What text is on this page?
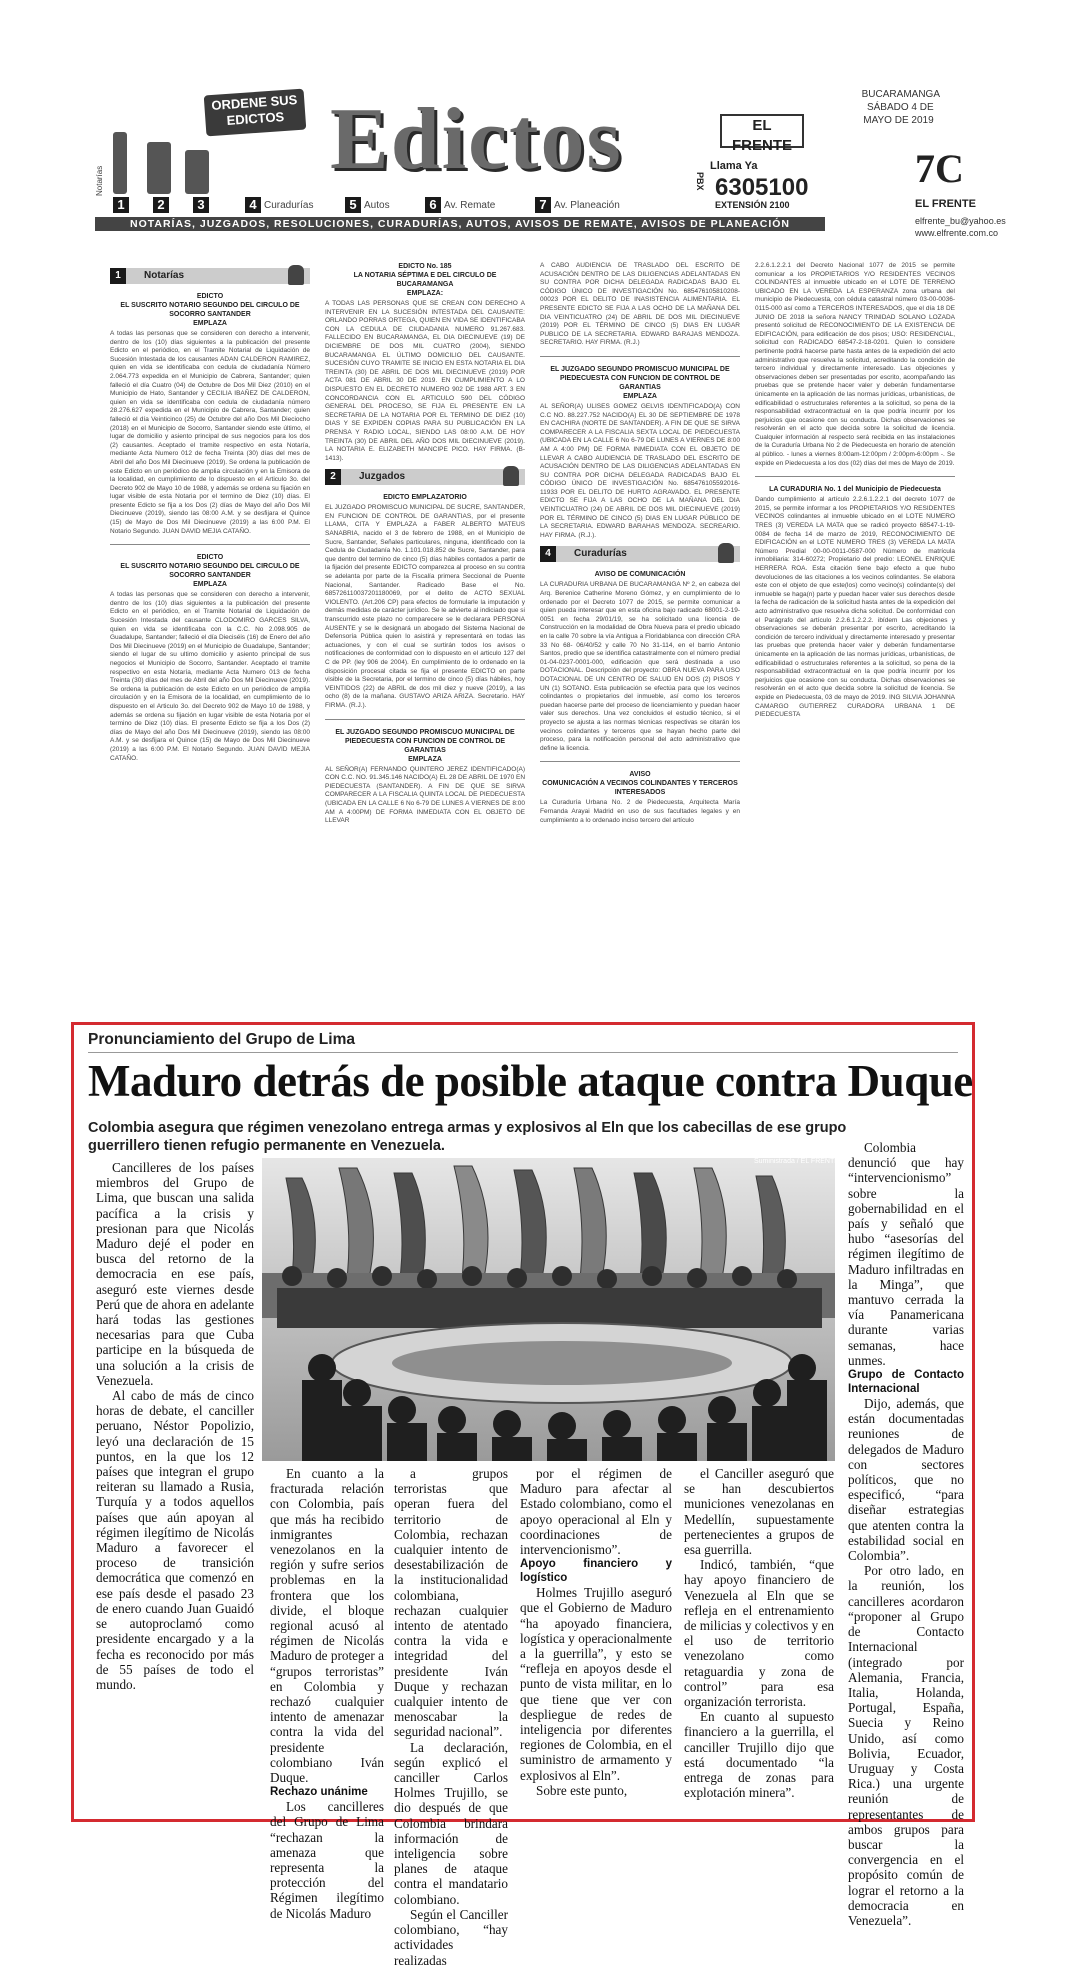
ORDENE SUS EDICTOS Edictos	EL FRENTE
PBX
Llama Ya
6305100
EXTENSIÓN 2100
1	2	3	4 Curadurías	5 Autos	6 Av. Remate	7 Av. Planeación
Notarías
NOTARÍAS, JUZGADOS, RESOLUCIONES, CURADURÍAS, AUTOS, AVISOS DE REMATE, AVISOS DE PLANEACIÓN
BUCARAMANGA
SÁBADO 4 DE MAYO DE 2019
7C
EL FRENTE
elfrente_bu@yahoo.es
www.elfrente.com.co
1	Notarías
EDICTO
EL SUSCRITO NOTARIO SEGUNDO DEL CIRCULO DE SOCORRO SANTANDER
EMPLAZA
A todas las personas que se consideren con derecho a intervenir, dentro de los (10) días siguientes a la publicación del presente Edicto en el periódico, en el Tramite Notarial de Liquidación de Sucesión Intestada de los causantes ADAN CALDERON RAMIREZ, quien en vida se identificaba con cedula de ciudadanía Número 2.064.773 expedida en el Municipio de Cabrera, Santander; quien falleció el día Cuatro (04) de Octubre de Dos Mil Diez (2010) en el Municipio de Hato, Santander y CECILIA IBAÑEZ DE CALDERON, quien en vida se identificaba con cedula de ciudadanía número 28.276.627 expedida en el Municipio de Cabrera, Santander; quien falleció el día Veinticinco (25) de Octubre del año Dos Mil Dieciocho (2018) en el Municipio de Socorro, Santander siendo este último, el lugar de domicilio y asiento principal de sus negocios para los dos (2) causantes. Aceptado el tramite respectivo en esta Notaría, mediante Acta Numero 012 de fecha Treinta (30) días del mes de Abril del año Dos Mil Diecinueve (2019). Se ordena la publicación de este Edicto en un periódico de amplia circulación y en la Emisora de la localidad, en cumplimiento de lo dispuesto en el Articulo 3o. del Decreto 902 de Mayo 10 de 1988, y además se ordena su fijación en lugar visible de esta Notaria por el termino de Diez (10) días. El presente Edicto se fija a los Dos (2) días de Mayo del año Dos Mil Diecinueve (2019), siendo las 08:00 A.M. y se desfijara el Quince (15) de Mayo de Dos Mil Diecinueve (2019) a las 6:00 P.M. El Notario Segundo. JUAN DAVID MEJIA CATAÑO.
EDICTO
EL SUSCRITO NOTARIO SEGUNDO DEL CIRCULO DE SOCORRO SANTANDER
EMPLAZA
A todas las personas que se consideren con derecho a intervenir, dentro de los (10) días siguientes a la publicación del presente Edicto en el periódico, en el Tramite Notarial de Liquidación de Sucesión Intestada del causante CLODOMIRO GARCES SILVA, quien en vida se identificaba con la C.C. No 2.098.905 de Guadalupe, Santander; falleció el día Dieciséis (16) de Enero del año Dos Mil Diecinueve (2019) en el Municipio de Guadalupe, Santander; siendo el lugar de su ultimo domicilio y asiento principal de sus negocios el Municipio de Socorro, Santander. Aceptado el tramite respectivo en esta Notaría, mediante Acta Numero 013 de fecha Treinta (30) días del mes de Abril del año Dos Mil Diecinueve (2019). Se ordena la publicación de este Edicto en un periódico de amplia circulación y en la Emisora de la localidad, en cumplimiento de lo dispuesto en el Articulo 3o. del Decreto 902 de Mayo 10 de 1988, y además se ordena su fijación en lugar visible de esta Notaria por el termino de Diez (10) días. El presente Edicto se fija a los Dos (2) días de Mayo del año Dos Mil Diecinueve (2019), siendo las 08:00 A.M. y se desfijara el Quince (15) de Mayo de Dos Mil Diecinueve (2019) a las 6:00 P.M. El Notario Segundo. JUAN DAVID MEJIA CATAÑO.
EDICTO No. 185
LA NOTARIA SÉPTIMA E DEL CIRCULO DE BUCARAMANGA
EMPLAZA:
A TODAS LAS PERSONAS QUE SE CREAN CON DERECHO A INTERVENIR EN LA SUCESIÓN INTESTADA DEL CAUSANTE: ORLANDO PORRAS ORTEGA, QUIEN EN VIDA SE IDENTIFICABA CON LA CEDULA DE CIUDADANIA NUMERO 91.267.683. FALLECIDO EN BUCARAMANGA, EL DIA DIECINUEVE (19) DE DICIEMBRE DE DOS MIL CUATRO (2004), SIENDO BUCARAMANGA EL ÚLTIMO DOMICILIO DEL CAUSANTE. SUCESIÓN CUYO TRAMITE SE INICIO EN ESTA NOTARIA EL DIA TREINTA (30) DE ABRIL DE DOS MIL DIECINUEVE (2019) POR ACTA 081 DE ABRIL 30 DE 2019. EN CUMPLIMIENTO A LO DISPUESTO EN EL DECRETO NUMERO 902 DE 1988 ART. 3 EN CONCORDANCIA CON EL ARTICULO 590 DEL CÓDIGO GENERAL DEL PROCESO, SE FIJA EL PRESENTE EN LA SECRETARIA DE LA NOTARIA POR EL TERMINO DE DIEZ (10) DIAS Y SE EXPIDEN COPIAS PARA SU PUBLICACIÓN EN LA PRENSA Y RADIO LOCAL, SIENDO LAS 08:00 A.M. DE HOY TREINTA (30) DE ABRIL DEL AÑO DOS MIL DIECINUEVE (2019). LA NOTARIA E. ELIZABETH MANCIPE PICO. HAY FIRMA. (B-1413).
2	Juzgados
EDICTO EMPLAZATORIO
EL JUZGADO PROMISCUO MUNICIPAL DE SUCRE, SANTANDER, EN FUNCION DE CONTROL DE GARANTIAS, por el presente LLAMA, CITA Y EMPLAZA a FABER ALBERTO MATEUS SANABRIA, nacido el 3 de febrero de 1988, en el Municipio de Sucre, Santander, Señales particulares, ninguna, identificado con la Cedula de Ciudadanía No. 1.101.018.852 de Sucre, Santander, para que dentro del termino de cinco (5) días hábiles contados a partir de la fijación del presente EDICTO comparezca al proceso en su contra se adelanta por parte de la Fiscalía primera Seccional de Puente Nacional, Santander. Radicado Base el No. 685726110037201180069, por el delito de ACTO SEXUAL VIOLENTO. (Art.206 CP) para efectos de formularle la imputación y demás medidas de carácter jurídico. Se le advierte al indiciado que si transcurrido este plazo no comparecere se le declarara PERSONA AUSENTE y se le designará un abogado del Sistema Nacional de Defensoría Pública quien lo asistirá y representará en todas las actuaciones, y con el cual se surtirán todos los avisos o notificaciones de conformidad con lo dispuesto en el articulo 127 del C de PP. (ley 906 de 2004). En cumplimiento de lo ordenado en la disposición procesal citada se fija el presente EDICTO en parte visible de la Secretaria, por el termino de cinco (5) días hábiles, hoy VEINTIDOS (22) de ABRIL de dos mil diez y nueve (2019), a las ocho (8) de la mañana. GUSTAVO ARIZA ARIZA. Secretario. HAY FIRMA. (R.J.).
EL JUZGADO SEGUNDO PROMISCUO MUNICIPAL DE PIEDECUESTA CON FUNCION DE CONTROL DE GARANTIAS
EMPLAZA
AL SEÑOR(A) FERNANDO QUINTERO JEREZ IDENTIFICADO(A) CON C.C. NO. 91.345.146 NACIDO(A) EL 28 DE ABRIL DE 1970 EN PIEDECUESTA (SANTANDER). A FIN DE QUE SE SIRVA COMPARECER A LA FISCALIA QUINTA LOCAL DE PIEDECUESTA (UBICADA EN LA CALLE 6 No 6-79 DE LUNES A VIERNES DE 8:00 AM A 4:00PM) DE FORMA INMEDIATA CON EL OBJETO DE LLEVAR
A CABO AUDIENCIA DE TRASLADO DEL ESCRITO DE ACUSACIÓN DENTRO DE LAS DILIGENCIAS ADELANTADAS EN SU CONTRA POR DICHA DELEGADA RADICADAS BAJO EL CÓDIGO ÚNICO DE INVESTIGACIÓN No. 685476105810208-00023 POR EL DELITO DE INASISTENCIA ALIMENTARIA. EL PRESENTE EDICTO SE FIJA A LAS OCHO DE LA MAÑANA DEL DIA VEINTICUATRO (24) DE ABRIL DE DOS MIL DIECINUEVE (2019) POR EL TÉRMINO DE CINCO (5) DIAS EN LUGAR PUBLICO DE LA SECRETARIA. EDWARD BARAJAS MENDOZA. SECRETARIO. HAY FIRMA. (R.J.)
EL JUZGADO SEGUNDO PROMISCUO MUNICIPAL DE PIEDECUESTA CON FUNCION DE CONTROL DE GARANTIAS
EMPLAZA
AL SEÑOR(A) ULISES GOMEZ GELVIS IDENTIFICADO(A) CON C.C NO. 88.227.752 NACIDO(A) EL 30 DE SEPTIEMBRE DE 1978 EN CACHIRA (NORTE DE SANTANDER). A FIN DE QUE SE SIRVA COMPARECER A LA FISCALIA SEXTA LOCAL DE PIEDECUESTA (UBICADA EN LA CALLE 6 No 6-79 DE LUNES A VIERNES DE 8:00 AM A 4:00 PM) DE FORMA INMEDIATA CON EL OBJETO DE LLEVAR A CABO AUDIENCIA DE TRASLADO DEL ESCRITO DE ACUSACIÓN DENTRO DE LAS DILIGENCIAS ADELANTADAS EN SU CONTRA POR DICHA DELEGADA RADICADAS BAJO EL CÓDIGO ÚNICO DE INVESTIGACIÓN No. 685476105592016-11933 POR EL DELITO DE HURTO AGRAVADO. EL PRESENTE EDICTO SE FIJA A LAS OCHO DE LA MAÑANA DEL DIA VEINTICUATRO (24) DE ABRIL DE DOS MIL DIECINUEVE (2019) POR EL TÉRMINO DE CINCO (5) DIAS EN LUGAR PÚBLICO DE LA SECRETARIA. EDWARD BARAHAS MENDOZA. SECREARIO. HAY FIRMA. (R.J.).
4	Curadurías
AVISO DE COMUNICACIÓN
LA CURADURIA URBANA DE BUCARAMANGA Nº 2, en cabeza del Arq. Berenice Catherine Moreno Gómez, y en cumplimiento de lo ordenado por el Decreto 1077 de 2015, se permite comunicar a quien pueda interesar que en esta oficina bajo radicado 68001-2-19-0051 en fecha 29/01/19, se ha solicitado una licencia de Construcción en la modalidad de Obra Nueva para el predio ubicado en la calle 70 sobre la vía Antigua a Floridablanca con dirección CRA 33 No 68- 06/40/52 y calle 70 No 31-114, en el barrio Antonio Santos, predio que se identifica catastralmente con el número predial 01-04-0237-0001-000, edificación que será destinada a uso DOTACIONAL. Descripción del proyecto: OBRA NUEVA PARA USO DOTACIONAL DE UN CENTRO DE SALUD EN DOS (2) PISOS Y UN (1) SOTANO. Esta publicación se efectúa para que los vecinos colindantes o propietarios del inmueble, así como los terceros puedan hacerse parte del proceso de licenciamiento y puedan hacer valer sus derechos. Una vez concluidos el estudio técnico, si el proyecto se ajusta a las normas técnicas respectivas se citarán los vecinos colindantes y terceros que se hayan hecho parte del proceso, para la notificación personal del acto administrativo que define la licencia.
AVISO
COMUNICACIÓN A VECINOS COLINDANTES Y TERCEROS INTERESADOS
La Curaduría Urbana No. 2 de Piedecuesta, Arquitecta María Fernanda Arayai Madrid en uso de sus facultades legales y en cumplimiento a lo ordenado inciso tercero del artículo
2.2.6.1.2.2.1 del Decreto Nacional 1077 de 2015 se permite comunicar a los PROPIETARIOS Y/O RESIDENTES VECINOS COLINDANTES al inmueble ubicado en el LOTE DE TERRENO UBICADO EN LA VEREDA LA ESPERANZA zona urbana del municipio de Piedecuesta, con cédula catastral número 03-00-0036-0115-000 así como a TERCEROS INTERESADOS, que el día 18 DE JUNIO DE 2018 la señora NANCY TRINIDAD SOLANO LOZADA presentó solicitud de RECONOCIMIENTO DE LA EXISTENCIA DE EDIFICACIÓN, para edificación de dos pisos; USO: RESIDENCIAL, solicitud con RADICADO 68547-2-18-0201. Quien lo considere pertinente podrá hacerse parte hasta antes de la expedición del acto administrativo que resuelva la solicitud, acreditando la condición de tercero individual y directamente interesado. Las objeciones y observaciones deben ser presentadas por escrito, acompañando las pruebas que se pretende hacer valer y deberán fundamentarse únicamente en la aplicación de las normas jurídicas, urbanísticas, de edificabilidad o estructurales referentes a la solicitud, so pena de la responsabilidad extracontractual en la que podría incurrir por los perjuicios que ocasione con su conducta. Dichas observaciones se resolverán en el acto que decida sobre la solicitud de licencia. Cualquier información al respecto será recibida en las instalaciones de la Curaduría Urbana No 2 de Piedecuesta en horario de atención al público. - lunes a viernes 8:00am-12:00pm / 2:00pm-6:00pm -. Se expide en Piedecuesta a los dos (02) días del mes de Mayo de 2019.
LA CURADURIA No. 1 del Municipio de Piedecuesta
Dando cumplimiento al artículo 2.2.6.1.2.2.1 del decreto 1077 de 2015, se permite informar a los PROPIETARIOS Y/O RESIDENTES VECINOS colindantes al inmueble ubicado en el LOTE NUMERO TRES (3) VEREDA LA MATA que se radicó proyecto 68547-1-19-0084 de fecha 14 de marzo de 2019, RECONOCIMIENTO DE EDIFICACIÓN en el LOTE NUMERO TRES (3) VEREDA LA MATA Número Predial 00-00-0011-0587-000 Número de matrícula inmobiliaria: 314-60272; Propietario del predio: LEONEL ENRIQUE HERRERA ROA. Esta citación tiene bajo efecto a que hubo devoluciones de las citaciones a los vecinos colindantes. Se elabora este con el objeto de que este(los) como vecino(s) colindante(s) del inmueble se haga(n) parte y puedan hacer valer sus derechos desde la fecha de radicación de la solicitud hasta antes de la expedición del acto administrativo que resuelva dicha solicitud. De conformidad con el Parágrafo del artículo 2.2.6.1.2.2.2. ibídem Las objeciones y observaciones se deberán presentar por escrito, acreditando la condición de tercero individual y directamente interesado y presentar las pruebas que pretenda hacer valer y deberán fundamentarse únicamente en la aplicación de las normas jurídicas, urbanísticas, de edificabilidad o estructurales referentes a la solicitud, so pena de la responsabilidad extracontractual en la que podría incurrir por los perjuicios que ocasione con su conducta. Dichas observaciones se resolverán en el acto que decida sobre la solicitud de licencia. Se expide en Piedecuesta, 03 de mayo de 2019. ING SILVIA JOHANNA CAMARGO GUTIERREZ CURADORA URBANA 1 DE PIEDECUESTA
Pronunciamiento del Grupo de Lima
Maduro detrás de posible ataque contra Duque
Colombia asegura que régimen venezolano entrega armas y explosivos al Eln que los cabecillas de ese grupo guerrillero tienen refugio permanente en Venezuela.
Suministrada / EL FRENTE

Cancilleres de los países miembros del Grupo de Lima, que buscan una salida pacífica a la crisis y presionan para que Nicolás Maduro dejé el poder en busca del retorno de la democracia en ese país, aseguró este viernes desde Perú que de ahora en adelante hará todas las gestiones necesarias para que Cuba participe en la búsqueda de una solución a la crisis de Venezuela.

Al cabo de más de cinco horas de debate, el canciller peruano, Néstor Popolizio, leyó una declaración de 15 puntos, en la que los 12 países que integran el grupo reiteran su llamado a Rusia, Turquía y a todos aquellos países que aún apoyan al régimen ilegítimo de Nicolás Maduro a favorecer el proceso de transición democrática que comenzó en ese país desde el pasado 23 de enero cuando Juan Guaidó se autoproclamó como presidente encargado y a la fecha es reconocido por más de 55 países de todo el mundo.

En cuanto a la fracturada relación con Colombia, país que más ha recibido inmigrantes venezolanos en la región y sufre serios problemas en la frontera que los divide, el bloque regional acusó al régimen de Nicolás Maduro de proteger a “grupos terroristas” en Colombia y rechazó cualquier intento de amenazar contra la vida del presidente colombiano Iván Duque.

Rechazo unánime

Los cancilleres del Grupo de Lima “rechazan la amenaza que representa la protección del Régimen ilegítimo de Nicolás Maduro

a grupos terroristas que operan fuera del territorio de Colombia, rechazan cualquier intento de desestabilización de la institucionalidad colombiana, rechazan cualquier intento de atentado contra la vida e integridad del presidente Iván Duque y rechazan cualquier intento de menoscabar la seguridad nacional”.

La declaración, según explicó el canciller Carlos Holmes Trujillo, se dio después de que Colombia brindara información de inteligencia sobre planes de ataque contra el mandatario colombiano.

Según el Canciller colombiano, “hay actividades realizadas

por el régimen de Maduro para afectar al Estado colombiano, como el apoyo operacional al Eln y coordinaciones de intervencionismo”.

Apoyo financiero y logístico

Holmes Trujillo aseguró que el Gobierno de Maduro “ha apoyado financiera, logística y operacionalmente a la guerrilla”, y esto se “refleja en apoyos desde el punto de vista militar, en lo que tiene que ver con despliegue de redes de inteligencia por diferentes regiones de Colombia, en el suministro de armamento y explosivos al Eln”.

Sobre este punto,

el Canciller aseguró que se han descubiertos municiones venezolanas en Medellín, supuestamente pertenecientes a grupos de esa guerrilla.

Indicó, también, “que hay apoyo financiero de Venezuela al Eln que se refleja en el entrenamiento de milicias y colectivos y en el uso de territorio venezolano como retaguardia y zona de control” para esa organización terrorista.

En cuanto al supuesto financiero a la guerrilla, el canciller Trujillo dijo que está documentado “la entrega de zonas para explotación minera”.

Colombia denunció que hay “intervencionismo” sobre la gobernabilidad en el país y señaló que hubo “asesorías del régimen ilegítimo de Maduro infiltradas en la Minga”, que mantuvo cerrada la vía Panamericana durante varias semanas, hace unmes.

Grupo de Contacto Internacional

Dijo, además, que están documentadas reuniones de delegados de Maduro con sectores políticos, que no especificó, “para diseñar estrategias que atenten contra la estabilidad social en Colombia”.

Por otro lado, en la reunión, los cancilleres acordaron “proponer al Grupo de Contacto Internacional (integrado por Alemania, Francia, Italia, Holanda, Portugal, España, Suecia y Reino Unido, así como Bolivia, Ecuador, Uruguay y Costa Rica.) una urgente reunión de representantes de ambos grupos para buscar la convergencia en el propósito común de lograr el retorno a la democracia en Venezuela”.
